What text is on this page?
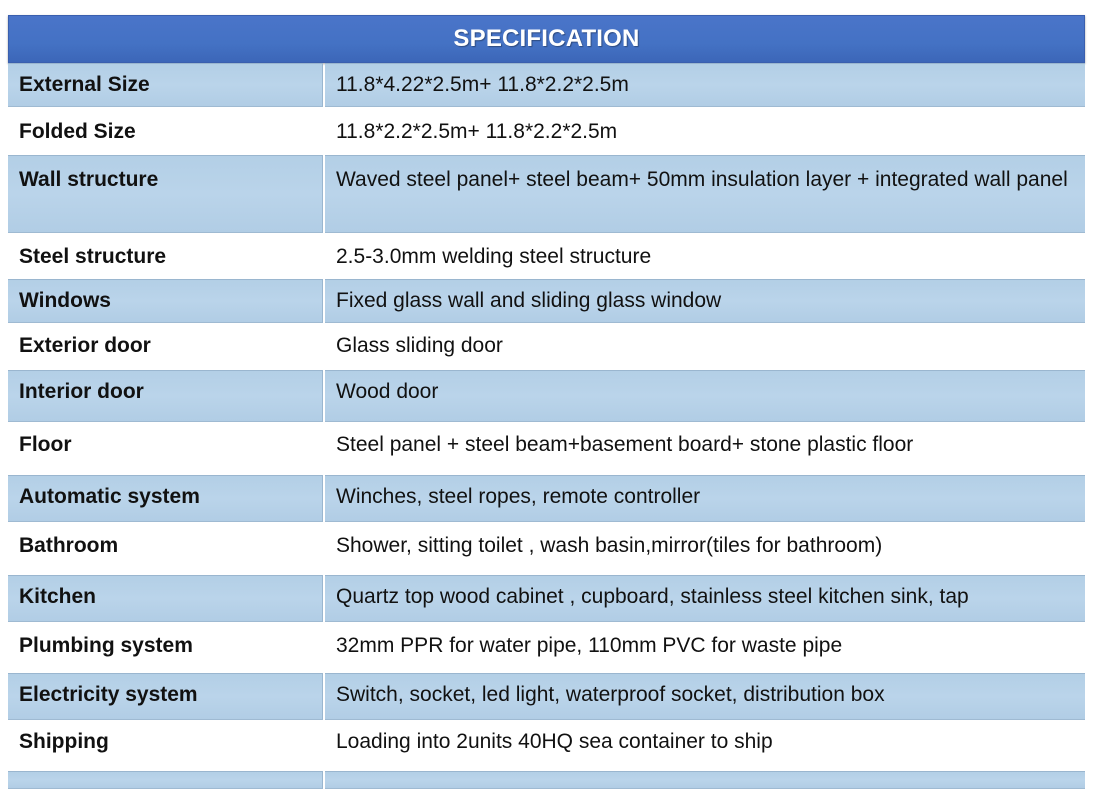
SPECIFICATION
External Size	11.8*4.22*2.5m+ 11.8*2.2*2.5m
Folded Size	11.8*2.2*2.5m+ 11.8*2.2*2.5m
Wall structure	Waved steel panel+ steel beam+ 50mm insulation layer + integrated wall panel
Steel structure	2.5-3.0mm welding steel structure
Windows	Fixed glass wall and sliding glass window
Exterior door	Glass sliding door
Interior door	Wood door
Floor	Steel panel + steel beam+basement board+ stone plastic floor
Automatic system	Winches, steel ropes, remote controller
Bathroom	Shower, sitting toilet , wash basin,mirror(tiles for bathroom)
Kitchen	Quartz top wood cabinet , cupboard, stainless steel kitchen sink, tap
Plumbing system	32mm PPR for water pipe, 110mm PVC for waste pipe
Electricity system	Switch, socket, led light, waterproof socket, distribution box
Shipping	Loading into 2units 40HQ sea container to ship
